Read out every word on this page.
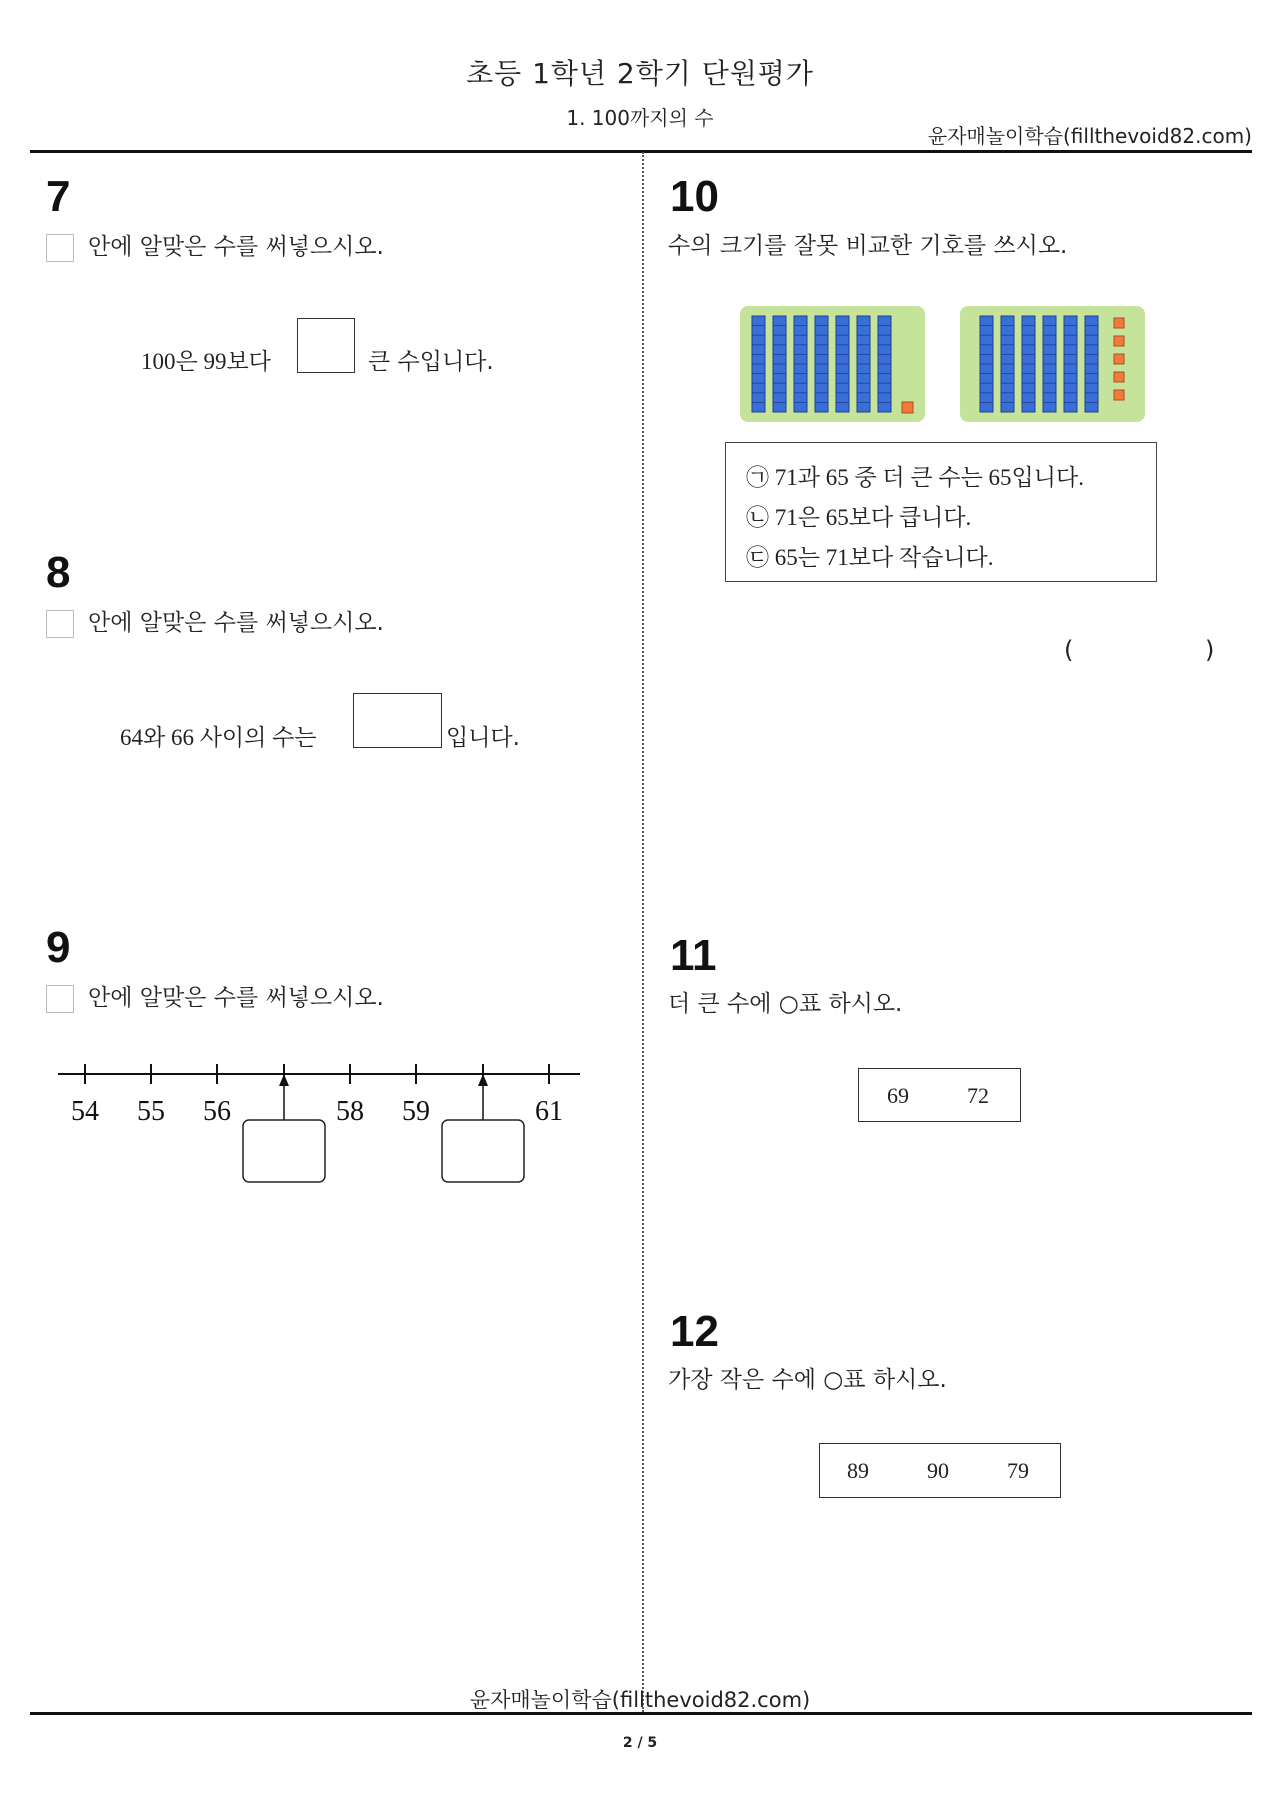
초등 1학년 2학기 단원평가
1. 100까지의 수
윤자매놀이학습(fillthevoid82.com)
7
안에 알맞은 수를 써넣으시오.
100은 99보다	큰 수입니다.
8
안에 알맞은 수를 써넣으시오.
64와 66 사이의 수는	입니다.
9
안에 알맞은 수를 써넣으시오.
54 55 56	58 59	61
10
수의 크기를 잘못 비교한 기호를 쓰시오.
㉠ 71과 65 중 더 큰 수는 65입니다.
㉡ 71은 65보다 큽니다.
㉢ 65는 71보다 작습니다.
(	)
11
더 큰 수에 ○표 하시오.
69	72
12
가장 작은 수에 ○표 하시오.
89	90	79
윤자매놀이학습(fillthevoid82.com)
2 / 5
